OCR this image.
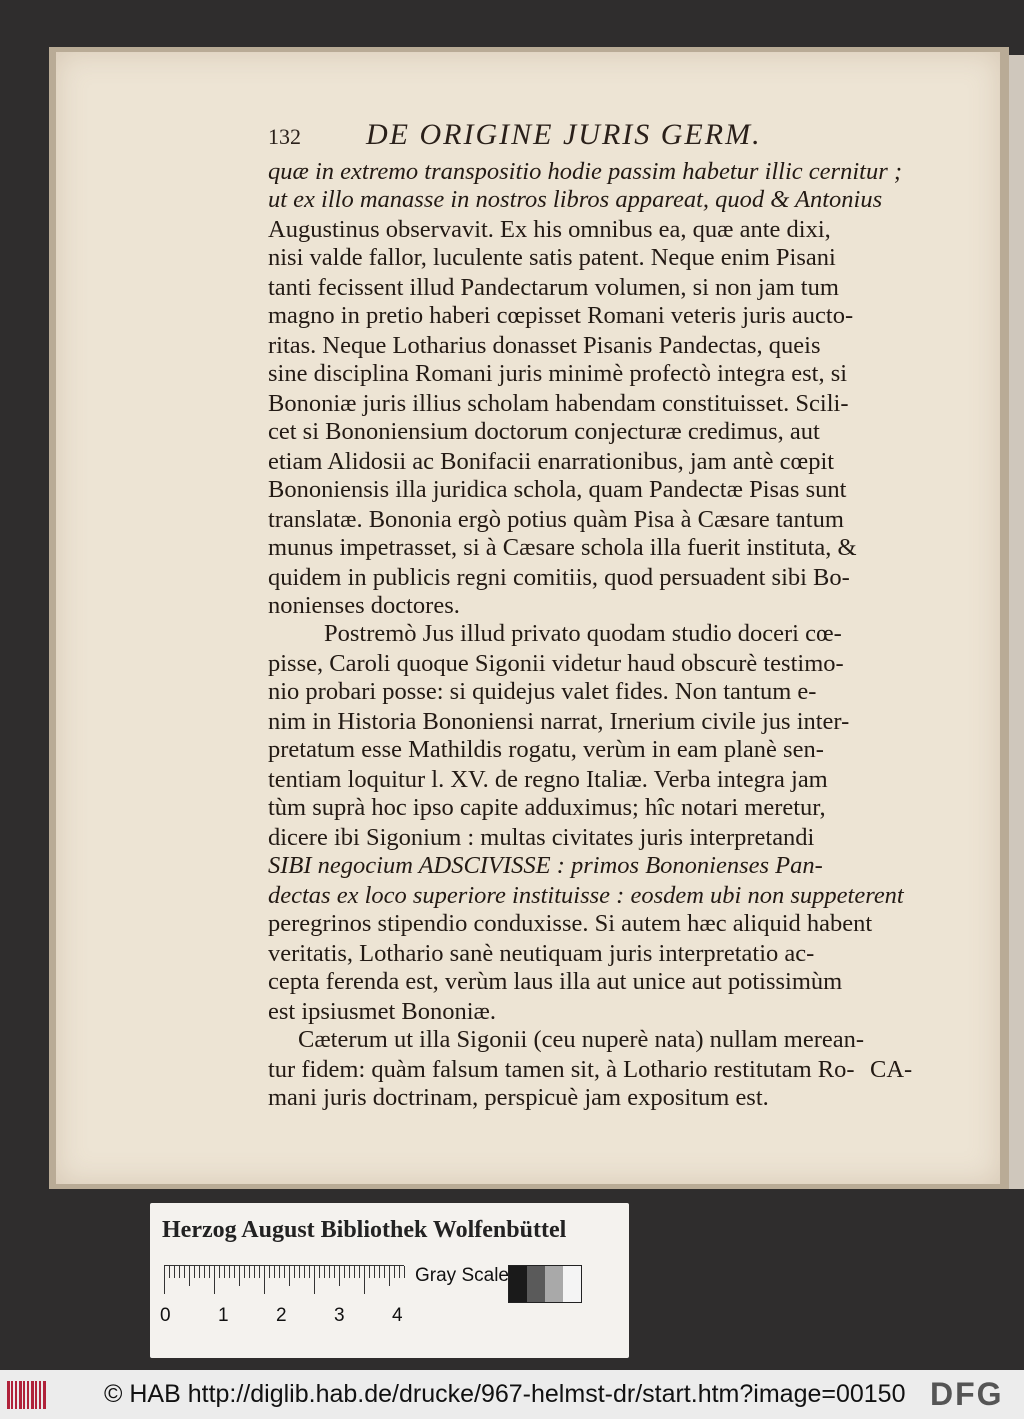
132 DE ORIGINE JURIS GERM.
quæ in extremo transpositio hodie passim habetur illic cernitur ;
ut ex illo manasse in nostros libros appareat, quod & Antonius
Augustinus observavit. Ex his omnibus ea, quæ ante dixi,
nisi valde fallor, luculente satis patent. Neque enim Pisani
tanti fecissent illud Pandectarum volumen, si non jam tum
magno in pretio haberi cœpisset Romani veteris juris aucto-
ritas. Neque Lotharius donasset Pisanis Pandectas, queis
sine disciplina Romani juris minimè profectò integra est, si
Bononiæ juris illius scholam habendam constituisset. Scili-
cet si Bononiensium doctorum conjecturæ credimus, aut
etiam Alidosii ac Bonifacii enarrationibus, jam antè cœpit
Bononiensis illa juridica schola, quam Pandectæ Pisas sunt
translatæ. Bononia ergò potius quàm Pisa à Cæsare tantum
munus impetrasset, si à Cæsare schola illa fuerit instituta, &
quidem in publicis regni comitiis, quod persuadent sibi Bo-
nonienses doctores.
Postremò Jus illud privato quodam studio doceri cœ-
pisse, Caroli quoque Sigonii videtur haud obscurè testimo-
nio probari posse: si quidejus valet fides. Non tantum e-
nim in Historia Bononiensi narrat, Irnerium civile jus inter-
pretatum esse Mathildis rogatu, verùm in eam planè sen-
tentiam loquitur l. XV. de regno Italiæ. Verba integra jam
tùm suprà hoc ipso capite adduximus; hîc notari meretur,
dicere ibi Sigonium : multas civitates juris interpretandi
SIBI negocium ADSCIVISSE : primos Bononienses Pan-
dectas ex loco superiore instituisse : eosdem ubi non suppeterent
peregrinos stipendio conduxisse. Si autem hæc aliquid habent
veritatis, Lothario sanè neutiquam juris interpretatio ac-
cepta ferenda est, verùm laus illa aut unice aut potissimùm
est ipsiusmet Bononiæ.
Cæterum ut illa Sigonii (ceu nuperè nata) nullam merean-
tur fidem: quàm falsum tamen sit, à Lothario restitutam Ro-
mani juris doctrinam, perspicuè jam expositum est.
CA-
Herzog August Bibliothek Wolfenbüttel
0 1 2 3 4
Gray Scale
© HAB http://diglib.hab.de/drucke/967-helmst-dr/start.htm?image=00150 DFG
